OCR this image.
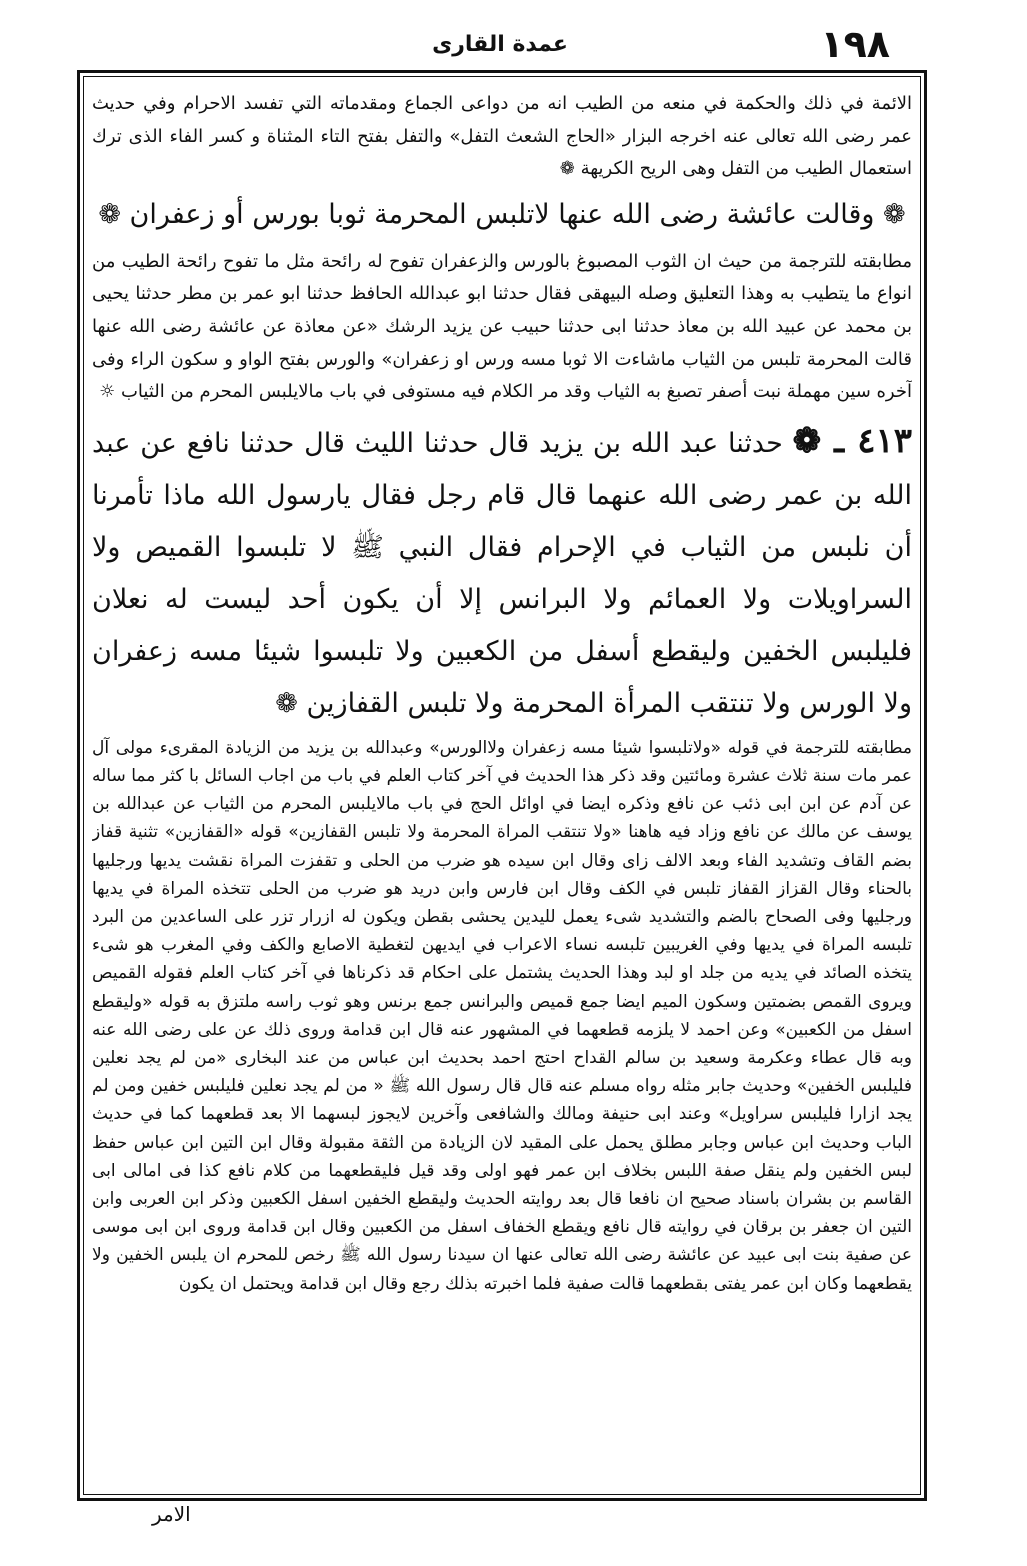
١٩٨
عمدة القارى

الائمة في ذلك والحكمة في منعه من الطيب انه من دواعى الجماع ومقدماته التي تفسد الاحرام وفي حديث عمر رضى الله تعالى عنه اخرجه البزار «الحاج الشعث التفل» والتفل بفتح التاء المثناة و كسر الفاء الذى ترك استعمال الطيب من التفل وهى الريح الكريهة ❁

❁ وقالت عائشة رضى الله عنها لاتلبس المحرمة ثوبا بورس أو زعفران ❁

مطابقته للترجمة من حيث ان الثوب المصبوغ بالورس والزعفران تفوح له رائحة مثل ما تفوح رائحة الطيب من انواع ما يتطيب به وهذا التعليق وصله البيهقى فقال حدثنا ابو عبدالله الحافظ حدثنا ابو عمر بن مطر حدثنا يحيى بن محمد عن عبيد الله بن معاذ حدثنا ابى حدثنا حبيب عن يزيد الرشك «عن معاذة عن عائشة رضى الله عنها قالت المحرمة تلبس من الثياب ماشاءت الا ثوبا مسه ورس او زعفران» والورس بفتح الواو و سكون الراء وفى آخره سين مهملة نبت أصفر تصبغ به الثياب وقد مر الكلام فيه مستوفى في باب مالايلبس المحرم من الثياب ☼

٤١٣ ـ ❁ حدثنا عبد الله بن يزيد قال حدثنا الليث قال حدثنا نافع عن عبد الله بن عمر رضى الله عنهما قال قام رجل فقال يارسول الله ماذا تأمرنا أن نلبس من الثياب في الإحرام فقال النبي ﷺ لا تلبسوا القميص ولا السراويلات ولا العمائم ولا البرانس إلا أن يكون أحد ليست له نعلان فليلبس الخفين وليقطع أسفل من الكعبين ولا تلبسوا شيئا مسه زعفران ولا الورس ولا تنتقب المرأة المحرمة ولا تلبس القفازين ❁

مطابقته للترجمة في قوله «ولاتلبسوا شيئا مسه زعفران ولاالورس» وعبدالله بن يزيد من الزيادة المقرىء مولى آل عمر مات سنة ثلاث عشرة ومائتين وقد ذكر هذا الحديث في آخر كتاب العلم في باب من اجاب السائل با كثر مما ساله عن آدم عن ابن ابى ذئب عن نافع وذكره ايضا في اوائل الحج في باب مالايلبس المحرم من الثياب عن عبدالله بن يوسف عن مالك عن نافع وزاد فيه هاهنا «ولا تنتقب المراة المحرمة ولا تلبس القفازين» قوله «القفازين» تثنية قفاز بضم القاف وتشديد الفاء وبعد الالف زاى وقال ابن سيده هو ضرب من الحلى و تقفزت المراة نقشت يديها ورجليها بالحناء وقال القزاز القفاز تلبس في الكف وقال ابن فارس وابن دريد هو ضرب من الحلى تتخذه المراة في يديها ورجليها وفى الصحاح بالضم والتشديد شىء يعمل لليدين يحشى بقطن ويكون له ازرار تزر على الساعدين من البرد تلبسه المراة في يديها وفي الغريبين تلبسه نساء الاعراب في ايديهن لتغطية الاصابع والكف وفي المغرب هو شىء يتخذه الصائد في يديه من جلد او لبد وهذا الحديث يشتمل على احكام قد ذكرناها في آخر كتاب العلم فقوله القميص ويروى القمص بضمتين وسكون الميم ايضا جمع قميص والبرانس جمع برنس وهو ثوب راسه ملتزق به قوله «وليقطع اسفل من الكعبين» وعن احمد لا يلزمه قطعهما في المشهور عنه قال ابن قدامة وروى ذلك عن على رضى الله عنه وبه قال عطاء وعكرمة وسعيد بن سالم القداح احتج احمد بحديث ابن عباس من عند البخارى «من لم يجد نعلين فليلبس الخفين» وحديث جابر مثله رواه مسلم عنه قال قال رسول الله ﷺ « من لم يجد نعلين فليلبس خفين ومن لم يجد ازارا فليلبس سراويل» وعند ابى حنيفة ومالك والشافعى وآخرين لايجوز لبسهما الا بعد قطعهما كما في حديث الباب وحديث ابن عباس وجابر مطلق يحمل على المقيد لان الزيادة من الثقة مقبولة وقال ابن التين ابن عباس حفظ لبس الخفين ولم ينقل صفة اللبس بخلاف ابن عمر فهو اولى وقد قيل فليقطعهما من كلام نافع كذا فى امالى ابى القاسم بن بشران باسناد صحيح ان نافعا قال بعد روايته الحديث وليقطع الخفين اسفل الكعبين وذكر ابن العربى وابن التين ان جعفر بن برقان في روايته قال نافع ويقطع الخفاف اسفل من الكعبين وقال ابن قدامة وروى ابن ابى موسى عن صفية بنت ابى عبيد عن عائشة رضى الله تعالى عنها ان سيدنا رسول الله ﷺ رخص للمحرم ان يلبس الخفين ولا يقطعهما وكان ابن عمر يفتى بقطعهما قالت صفية فلما اخبرته بذلك رجع وقال ابن قدامة ويحتمل ان يكون

الامر
